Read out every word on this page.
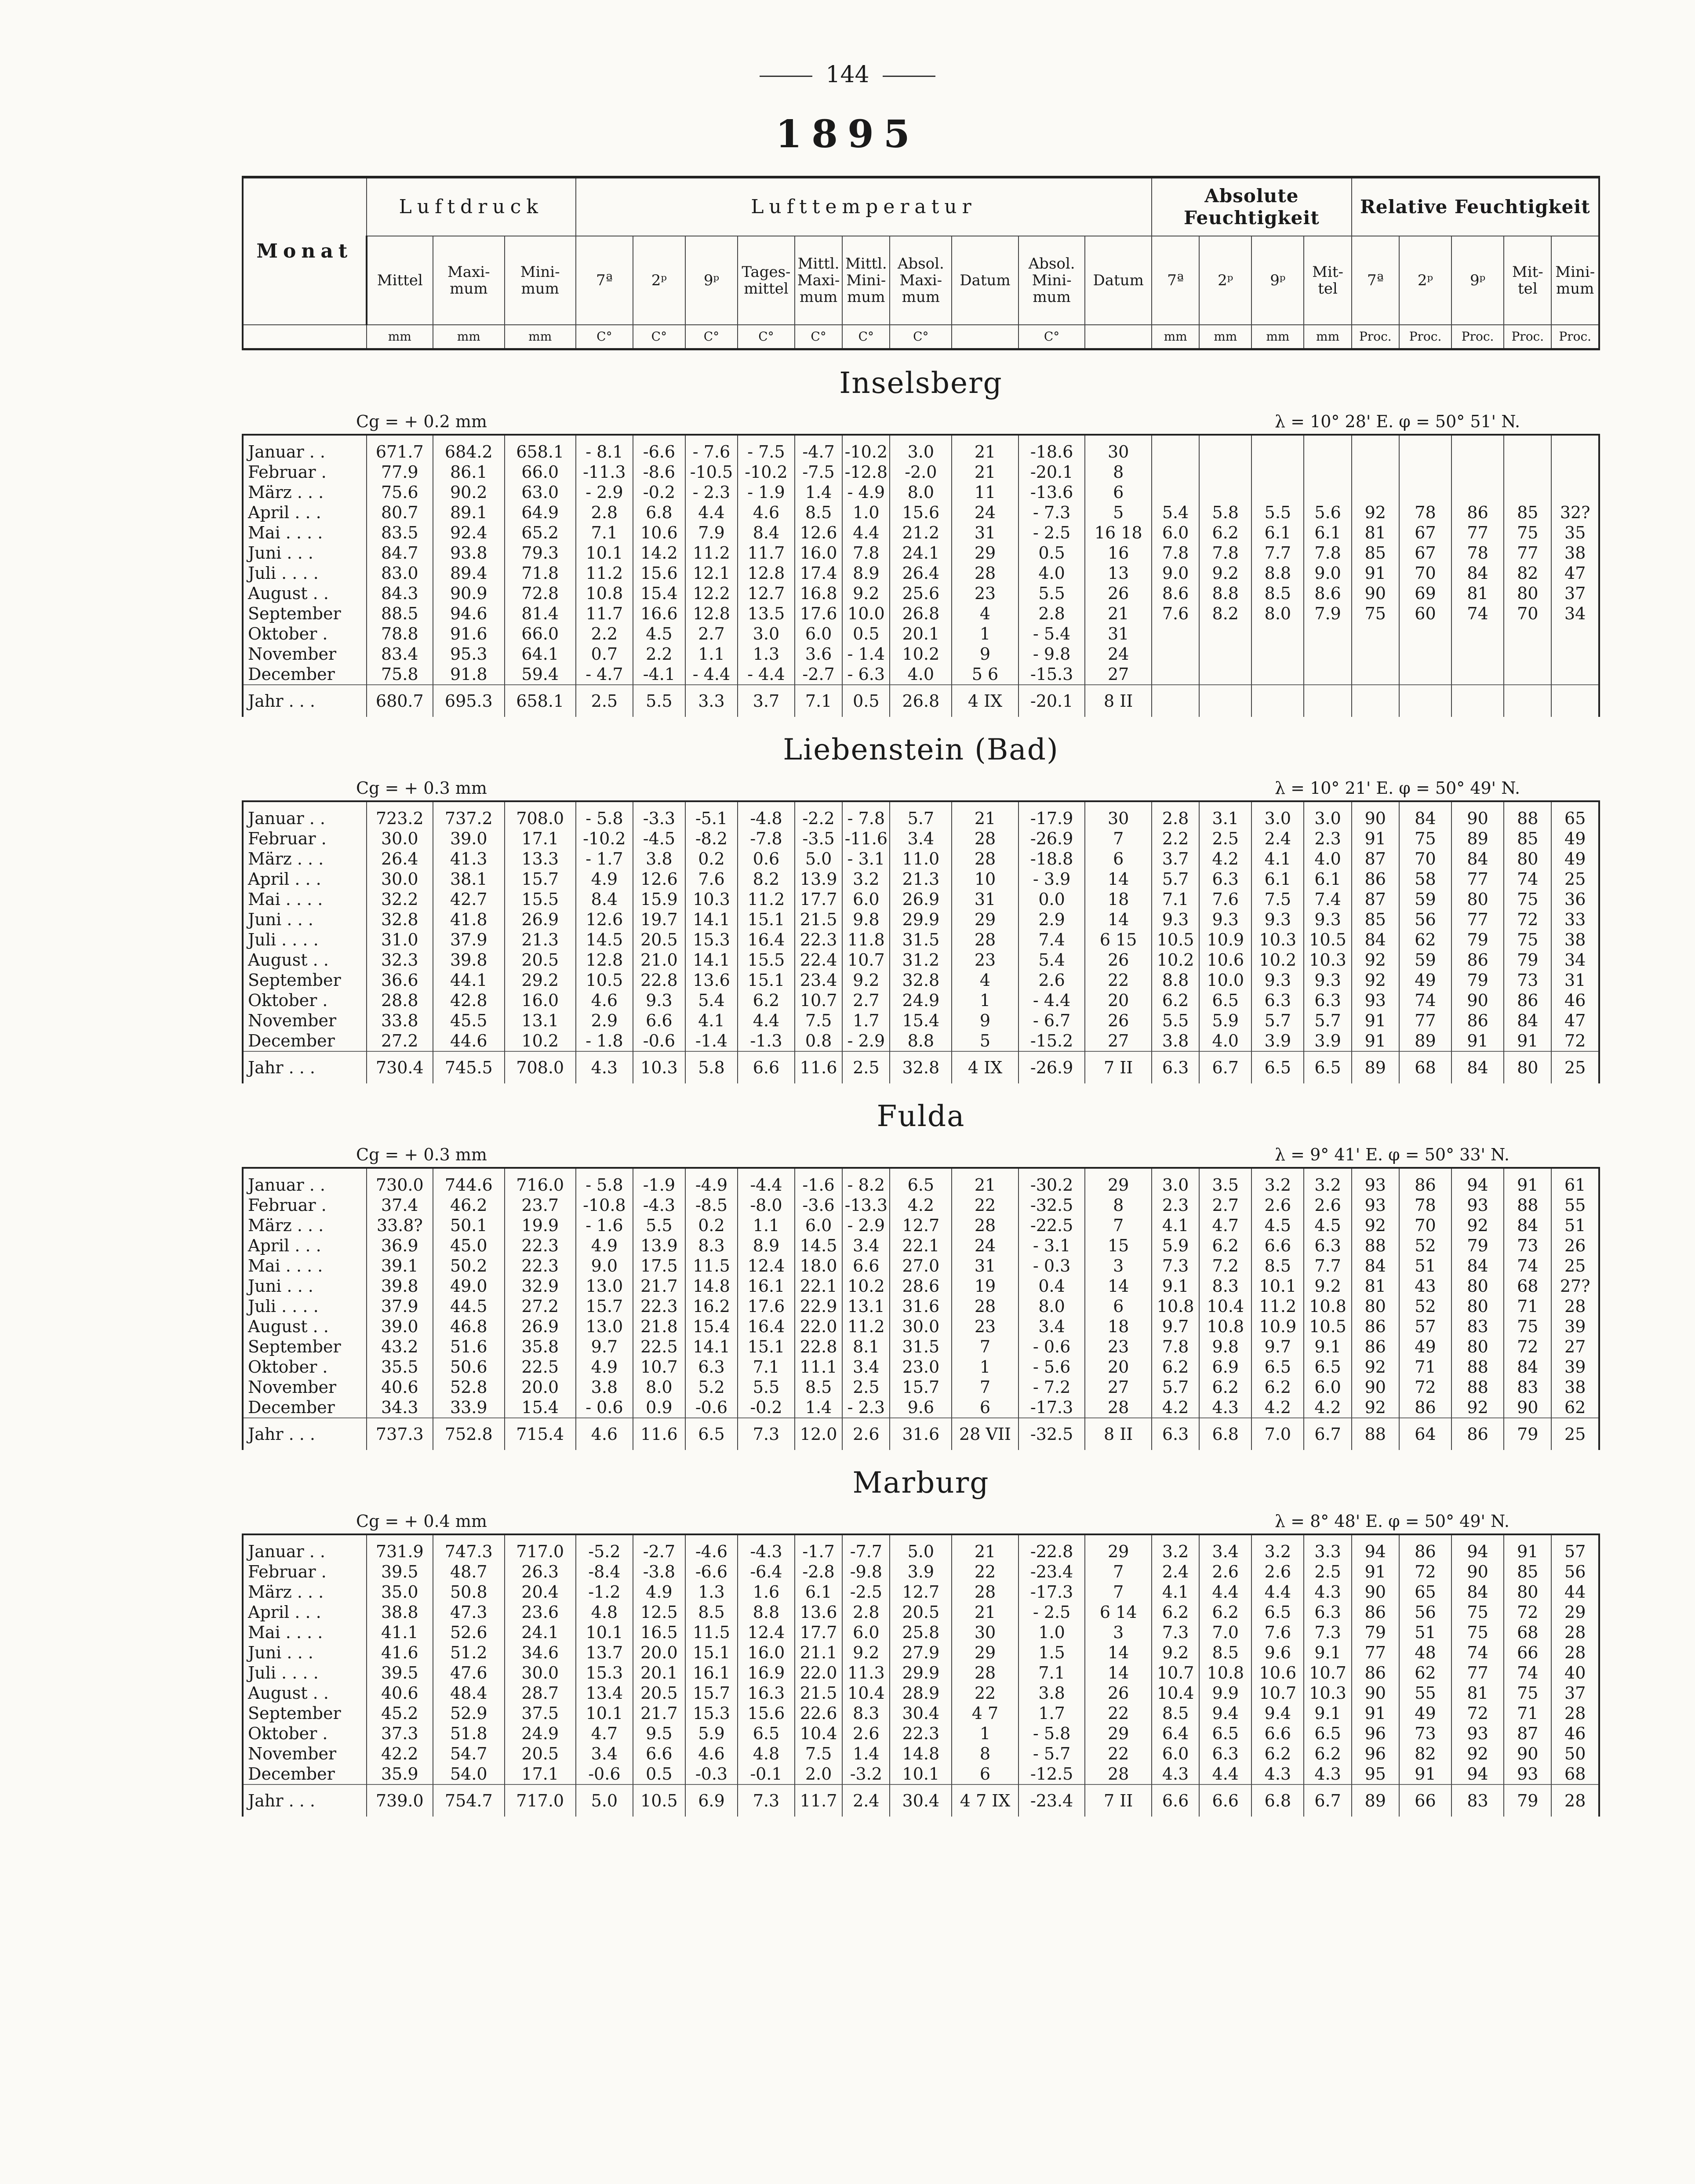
144
1895
Monat	Luftdruck			Lufttemperatur										Absolute Feuchtigkeit				Relative Feuchtigkeit				
	Mittel	Maxi-mum	Mini-mum	7ª	2ᵖ	9ᵖ	Tages-mittel	Mittl. Maxi-mum	Mittl. Mini-mum	Absol. Maxi-mum	Datum	Absol. Mini-mum	Datum	7ª	2ᵖ	9ᵖ	Mit-tel	7ª	2ᵖ	9ᵖ	Mit-tel	Mini-mum
	mm	mm	mm	C°	C°	C°	C°	C°	C°	C°		C°		mm	mm	mm	mm	Proc.	Proc.	Proc.	Proc.	Proc.
Inselsberg
Cg = + 0.2 mm	λ = 10° 28' E. φ = 50° 51' N.
Januar . .	671.7	684.2	658.1	- 8.1	-6.6	- 7.6	- 7.5	-4.7	-10.2	3.0	21	-18.6	30									
Februar .	77.9	86.1	66.0	-11.3	-8.6	-10.5	-10.2	-7.5	-12.8	-2.0	21	-20.1	8									
März . . .	75.6	90.2	63.0	- 2.9	-0.2	- 2.3	- 1.9	1.4	- 4.9	8.0	11	-13.6	6									
April . . .	80.7	89.1	64.9	2.8	6.8	4.4	4.6	8.5	1.0	15.6	24	- 7.3	5	5.4	5.8	5.5	5.6	92	78	86	85	32?
Mai . . . .	83.5	92.4	65.2	7.1	10.6	7.9	8.4	12.6	4.4	21.2	31	- 2.5	16 18	6.0	6.2	6.1	6.1	81	67	77	75	35
Juni . . .	84.7	93.8	79.3	10.1	14.2	11.2	11.7	16.0	7.8	24.1	29	0.5	16	7.8	7.8	7.7	7.8	85	67	78	77	38
Juli . . . .	83.0	89.4	71.8	11.2	15.6	12.1	12.8	17.4	8.9	26.4	28	4.0	13	9.0	9.2	8.8	9.0	91	70	84	82	47
August . .	84.3	90.9	72.8	10.8	15.4	12.2	12.7	16.8	9.2	25.6	23	5.5	26	8.6	8.8	8.5	8.6	90	69	81	80	37
September	88.5	94.6	81.4	11.7	16.6	12.8	13.5	17.6	10.0	26.8	4	2.8	21	7.6	8.2	8.0	7.9	75	60	74	70	34
Oktober .	78.8	91.6	66.0	2.2	4.5	2.7	3.0	6.0	0.5	20.1	1	- 5.4	31									
November	83.4	95.3	64.1	0.7	2.2	1.1	1.3	3.6	- 1.4	10.2	9	- 9.8	24									
December	75.8	91.8	59.4	- 4.7	-4.1	- 4.4	- 4.4	-2.7	- 6.3	4.0	5 6	-15.3	27									
Jahr . . .	680.7	695.3	658.1	2.5	5.5	3.3	3.7	7.1	0.5	26.8	4 IX	-20.1	8 II									
Liebenstein (Bad)
Cg = + 0.3 mm	λ = 10° 21' E. φ = 50° 49' N.
Januar . .	723.2	737.2	708.0	- 5.8	-3.3	-5.1	-4.8	-2.2	- 7.8	5.7	21	-17.9	30	2.8	3.1	3.0	3.0	90	84	90	88	65
Februar .	30.0	39.0	17.1	-10.2	-4.5	-8.2	-7.8	-3.5	-11.6	3.4	28	-26.9	7	2.2	2.5	2.4	2.3	91	75	89	85	49
März . . .	26.4	41.3	13.3	- 1.7	3.8	0.2	0.6	5.0	- 3.1	11.0	28	-18.8	6	3.7	4.2	4.1	4.0	87	70	84	80	49
April . . .	30.0	38.1	15.7	4.9	12.6	7.6	8.2	13.9	3.2	21.3	10	- 3.9	14	5.7	6.3	6.1	6.1	86	58	77	74	25
Mai . . . .	32.2	42.7	15.5	8.4	15.9	10.3	11.2	17.7	6.0	26.9	31	0.0	18	7.1	7.6	7.5	7.4	87	59	80	75	36
Juni . . .	32.8	41.8	26.9	12.6	19.7	14.1	15.1	21.5	9.8	29.9	29	2.9	14	9.3	9.3	9.3	9.3	85	56	77	72	33
Juli . . . .	31.0	37.9	21.3	14.5	20.5	15.3	16.4	22.3	11.8	31.5	28	7.4	6 15	10.5	10.9	10.3	10.5	84	62	79	75	38
August . .	32.3	39.8	20.5	12.8	21.0	14.1	15.5	22.4	10.7	31.2	23	5.4	26	10.2	10.6	10.2	10.3	92	59	86	79	34
September	36.6	44.1	29.2	10.5	22.8	13.6	15.1	23.4	9.2	32.8	4	2.6	22	8.8	10.0	9.3	9.3	92	49	79	73	31
Oktober .	28.8	42.8	16.0	4.6	9.3	5.4	6.2	10.7	2.7	24.9	1	- 4.4	20	6.2	6.5	6.3	6.3	93	74	90	86	46
November	33.8	45.5	13.1	2.9	6.6	4.1	4.4	7.5	1.7	15.4	9	- 6.7	26	5.5	5.9	5.7	5.7	91	77	86	84	47
December	27.2	44.6	10.2	- 1.8	-0.6	-1.4	-1.3	0.8	- 2.9	8.8	5	-15.2	27	3.8	4.0	3.9	3.9	91	89	91	91	72
Jahr . . .	730.4	745.5	708.0	4.3	10.3	5.8	6.6	11.6	2.5	32.8	4 IX	-26.9	7 II	6.3	6.7	6.5	6.5	89	68	84	80	25
Fulda
Cg = + 0.3 mm	λ = 9° 41' E. φ = 50° 33' N.
Januar . .	730.0	744.6	716.0	- 5.8	-1.9	-4.9	-4.4	-1.6	- 8.2	6.5	21	-30.2	29	3.0	3.5	3.2	3.2	93	86	94	91	61
Februar .	37.4	46.2	23.7	-10.8	-4.3	-8.5	-8.0	-3.6	-13.3	4.2	22	-32.5	8	2.3	2.7	2.6	2.6	93	78	93	88	55
März . . .	33.8?	50.1	19.9	- 1.6	5.5	0.2	1.1	6.0	- 2.9	12.7	28	-22.5	7	4.1	4.7	4.5	4.5	92	70	92	84	51
April . . .	36.9	45.0	22.3	4.9	13.9	8.3	8.9	14.5	3.4	22.1	24	- 3.1	15	5.9	6.2	6.6	6.3	88	52	79	73	26
Mai . . . .	39.1	50.2	22.3	9.0	17.5	11.5	12.4	18.0	6.6	27.0	31	- 0.3	3	7.3	7.2	8.5	7.7	84	51	84	74	25
Juni . . .	39.8	49.0	32.9	13.0	21.7	14.8	16.1	22.1	10.2	28.6	19	0.4	14	9.1	8.3	10.1	9.2	81	43	80	68	27?
Juli . . . .	37.9	44.5	27.2	15.7	22.3	16.2	17.6	22.9	13.1	31.6	28	8.0	6	10.8	10.4	11.2	10.8	80	52	80	71	28
August . .	39.0	46.8	26.9	13.0	21.8	15.4	16.4	22.0	11.2	30.0	23	3.4	18	9.7	10.8	10.9	10.5	86	57	83	75	39
September	43.2	51.6	35.8	9.7	22.5	14.1	15.1	22.8	8.1	31.5	7	- 0.6	23	7.8	9.8	9.7	9.1	86	49	80	72	27
Oktober .	35.5	50.6	22.5	4.9	10.7	6.3	7.1	11.1	3.4	23.0	1	- 5.6	20	6.2	6.9	6.5	6.5	92	71	88	84	39
November	40.6	52.8	20.0	3.8	8.0	5.2	5.5	8.5	2.5	15.7	7	- 7.2	27	5.7	6.2	6.2	6.0	90	72	88	83	38
December	34.3	33.9	15.4	- 0.6	0.9	-0.6	-0.2	1.4	- 2.3	9.6	6	-17.3	28	4.2	4.3	4.2	4.2	92	86	92	90	62
Jahr . . .	737.3	752.8	715.4	4.6	11.6	6.5	7.3	12.0	2.6	31.6	28 VII	-32.5	8 II	6.3	6.8	7.0	6.7	88	64	86	79	25
Marburg
Cg = + 0.4 mm	λ = 8° 48' E. φ = 50° 49' N.
Januar . .	731.9	747.3	717.0	-5.2	-2.7	-4.6	-4.3	-1.7	-7.7	5.0	21	-22.8	29	3.2	3.4	3.2	3.3	94	86	94	91	57
Februar .	39.5	48.7	26.3	-8.4	-3.8	-6.6	-6.4	-2.8	-9.8	3.9	22	-23.4	7	2.4	2.6	2.6	2.5	91	72	90	85	56
März . . .	35.0	50.8	20.4	-1.2	4.9	1.3	1.6	6.1	-2.5	12.7	28	-17.3	7	4.1	4.4	4.4	4.3	90	65	84	80	44
April . . .	38.8	47.3	23.6	4.8	12.5	8.5	8.8	13.6	2.8	20.5	21	- 2.5	6 14	6.2	6.2	6.5	6.3	86	56	75	72	29
Mai . . . .	41.1	52.6	24.1	10.1	16.5	11.5	12.4	17.7	6.0	25.8	30	1.0	3	7.3	7.0	7.6	7.3	79	51	75	68	28
Juni . . .	41.6	51.2	34.6	13.7	20.0	15.1	16.0	21.1	9.2	27.9	29	1.5	14	9.2	8.5	9.6	9.1	77	48	74	66	28
Juli . . . .	39.5	47.6	30.0	15.3	20.1	16.1	16.9	22.0	11.3	29.9	28	7.1	14	10.7	10.8	10.6	10.7	86	62	77	74	40
August . .	40.6	48.4	28.7	13.4	20.5	15.7	16.3	21.5	10.4	28.9	22	3.8	26	10.4	9.9	10.7	10.3	90	55	81	75	37
September	45.2	52.9	37.5	10.1	21.7	15.3	15.6	22.6	8.3	30.4	4 7	1.7	22	8.5	9.4	9.4	9.1	91	49	72	71	28
Oktober .	37.3	51.8	24.9	4.7	9.5	5.9	6.5	10.4	2.6	22.3	1	- 5.8	29	6.4	6.5	6.6	6.5	96	73	93	87	46
November	42.2	54.7	20.5	3.4	6.6	4.6	4.8	7.5	1.4	14.8	8	- 5.7	22	6.0	6.3	6.2	6.2	96	82	92	90	50
December	35.9	54.0	17.1	-0.6	0.5	-0.3	-0.1	2.0	-3.2	10.1	6	-12.5	28	4.3	4.4	4.3	4.3	95	91	94	93	68
Jahr . . .	739.0	754.7	717.0	5.0	10.5	6.9	7.3	11.7	2.4	30.4	4 7 IX	-23.4	7 II	6.6	6.6	6.8	6.7	89	66	83	79	28
